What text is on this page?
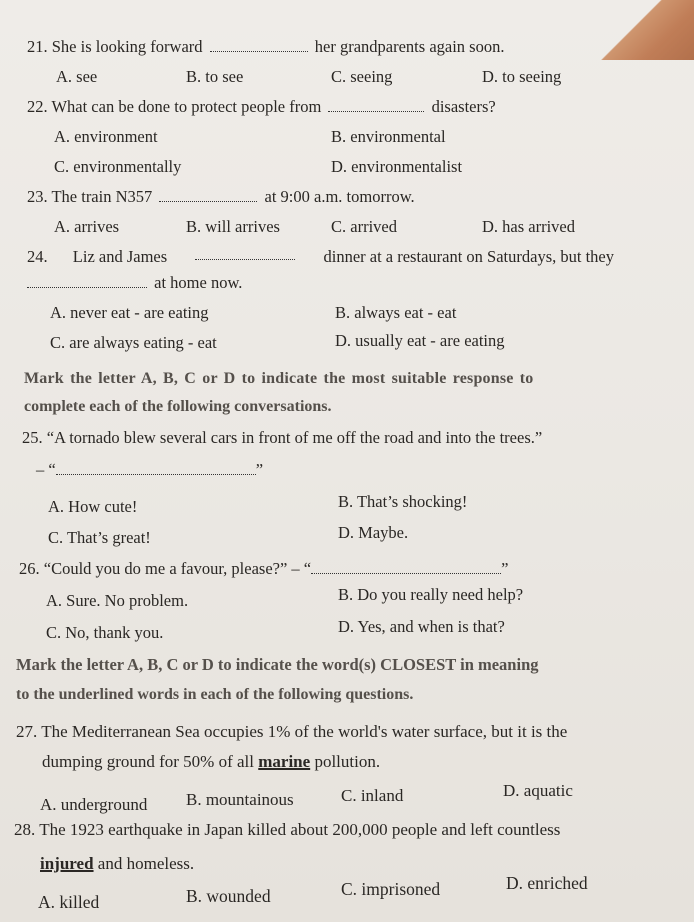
21. She is looking forward	her grandparents again soon.
A. see	B. to see	C. seeing	D. to seeing
22. What can be done to protect people from	disasters?
A. environment	B. environmental
C. environmentally	D. environmentalist
23. The train N357	at 9:00 a.m. tomorrow.
A. arrives	B. will arrives	C. arrived	D. has arrived
24. Liz and James	dinner at a restaurant on Saturdays, but they
at home now.
A. never eat - are eating	B. always eat - eat
C. are always eating - eat	D. usually eat - are eating
Mark the letter A, B, C or D to indicate the most suitable response to
complete each of the following conversations.
25. “A tornado blew several cars in front of me off the road and into the trees.”
– “	”
A. How cute!	B. That’s shocking!
C. That’s great!	D. Maybe.
26. “Could you do me a favour, please?” – “	”
A. Sure. No problem.	B. Do you really need help?
C. No, thank you.	D. Yes, and when is that?
Mark the letter A, B, C or D to indicate the word(s) CLOSEST in meaning
to the underlined words in each of the following questions.
27. The Mediterranean Sea occupies 1% of the world's water surface, but it is the
dumping ground for 50% of all marine pollution.
A. underground B. mountainous	C. inland	D. aquatic
28. The 1923 earthquake in Japan killed about 200,000 people and left countless
injured and homeless.
A. killed	B. wounded	C. imprisoned	D. enriched
